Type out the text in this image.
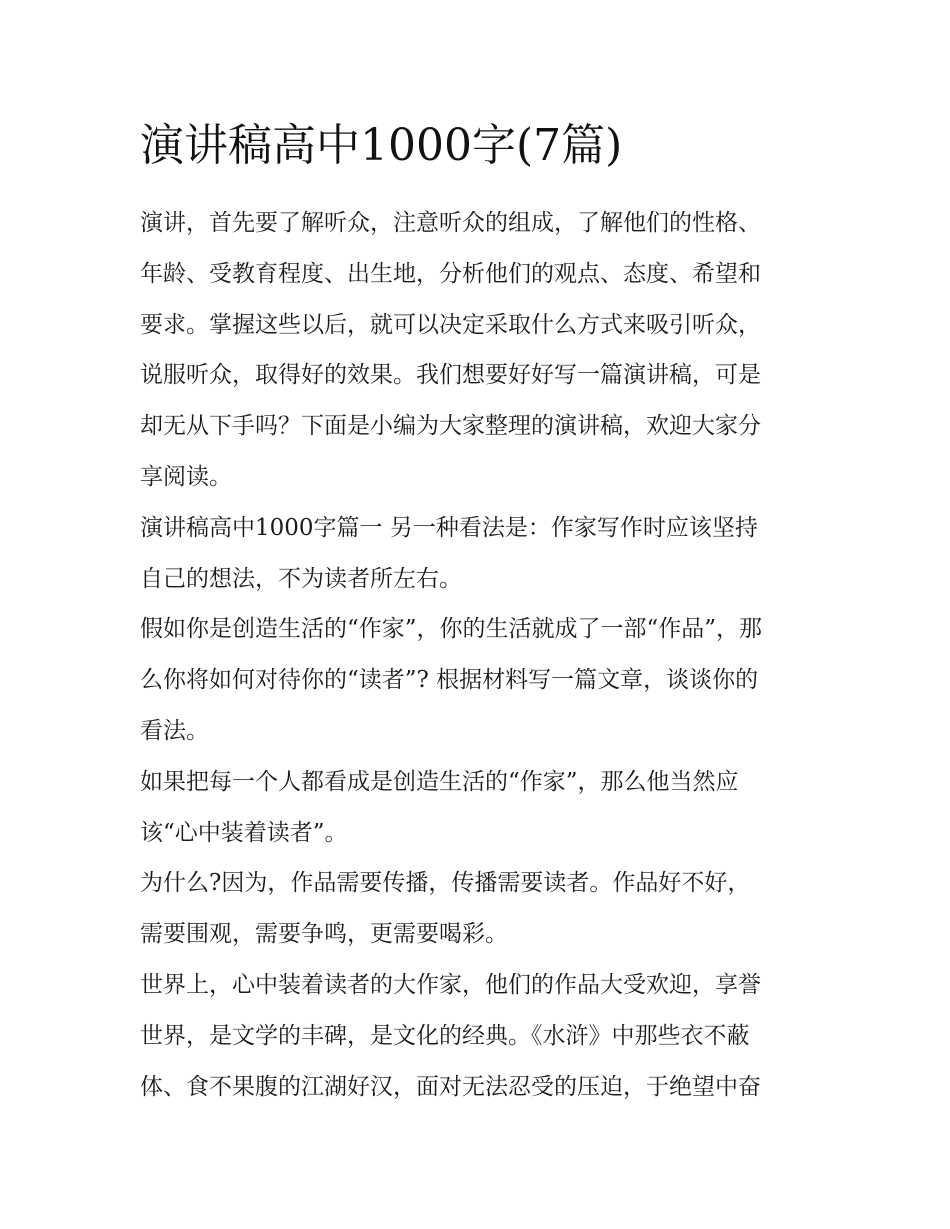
演讲稿高中1000字(7篇)
演讲，首先要了解听众，注意听众的组成，了解他们的性格、
年龄、受教育程度、出生地，分析他们的观点、态度、希望和
要求。掌握这些以后，就可以决定采取什么方式来吸引听众，
说服听众，取得好的效果。我们想要好好写一篇演讲稿，可是
却无从下手吗？下面是小编为大家整理的演讲稿，欢迎大家分
享阅读。
演讲稿高中1000字篇一 另一种看法是：作家写作时应该坚持
自己的想法，不为读者所左右。
假如你是创造生活的“作家”，你的生活就成了一部“作品”，那
么你将如何对待你的“读者”? 根据材料写一篇文章，谈谈你的
看法。
如果把每一个人都看成是创造生活的“作家”，那么他当然应
该“心中装着读者”。
为什么?因为，作品需要传播，传播需要读者。作品好不好，
需要围观，需要争鸣，更需要喝彩。
世界上，心中装着读者的大作家，他们的作品大受欢迎，享誉
世界，是文学的丰碑，是文化的经典。《水浒》中那些衣不蔽
体、食不果腹的江湖好汉，面对无法忍受的压迫，于绝望中奋
